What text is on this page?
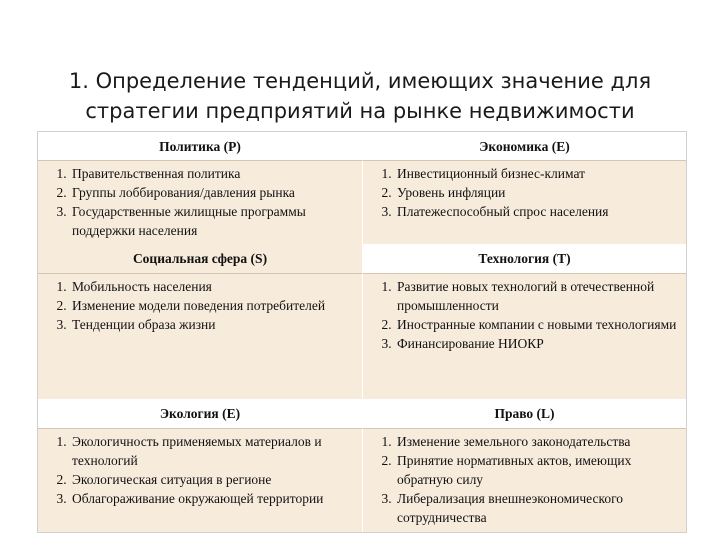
1. Определение тенденций, имеющих значение для
стратегии предприятий на рынке недвижимости
Политика (P)	Экономика (E)
1. Правительственная политика
2. Группы лоббирования/давления рынка
3. Государственные жилищные программы поддержки населения
1. Инвестиционный бизнес-климат
2. Уровень инфляции
3. Платежеспособный спрос населения
Социальная сфера (S)	Технология (T)
1. Мобильность населения
2. Изменение модели поведения потребителей
3. Тенденции образа жизни
1. Развитие новых технологий в отечественной промышленности
2. Иностранные компании с новыми технологиями
3. Финансирование НИОКР
Экология (E)	Право (L)
1. Экологичность применяемых материалов и технологий
2. Экологическая ситуация в регионе
3. Облагораживание окружающей территории
1. Изменение земельного законодательства
2. Принятие нормативных актов, имеющих обратную силу
3. Либерализация внешнеэкономического сотрудничества
